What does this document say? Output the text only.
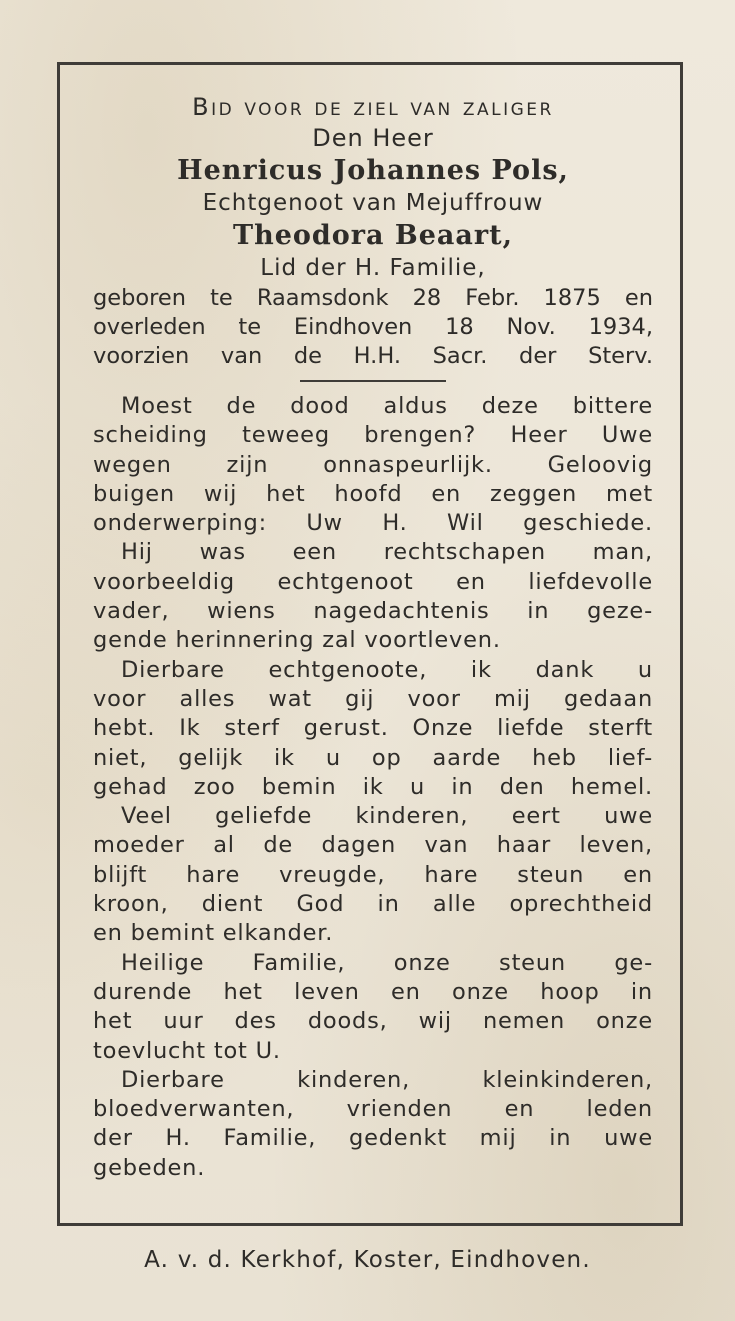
Bid voor de ziel van zaliger
Den Heer
Henricus Johannes Pols,
Echtgenoot van Mejuffrouw
Theodora Beaart,
Lid der H. Familie,
geboren te Raamsdonk 28 Febr. 1875 en
overleden te Eindhoven 18 Nov. 1934,
voorzien van de H.H. Sacr. der Sterv.
Moest de dood aldus deze bittere
scheiding teweeg brengen? Heer Uwe
wegen zijn onnaspeurlijk. Geloovig
buigen wij het hoofd en zeggen met
onderwerping: Uw H. Wil geschiede.
Hij was een rechtschapen man,
voorbeeldig echtgenoot en liefdevolle
vader, wiens nagedachtenis in geze-
gende herinnering zal voortleven.
Dierbare echtgenoote, ik dank u
voor alles wat gij voor mij gedaan
hebt. Ik sterf gerust. Onze liefde sterft
niet, gelijk ik u op aarde heb lief-
gehad zoo bemin ik u in den hemel.
Veel geliefde kinderen, eert uwe
moeder al de dagen van haar leven,
blijft hare vreugde, hare steun en
kroon, dient God in alle oprechtheid
en bemint elkander.
Heilige Familie, onze steun ge-
durende het leven en onze hoop in
het uur des doods, wij nemen onze
toevlucht tot U.
Dierbare kinderen, kleinkinderen,
bloedverwanten, vrienden en leden
der H. Familie, gedenkt mij in uwe
gebeden.
A. v. d. Kerkhof, Koster, Eindhoven.
